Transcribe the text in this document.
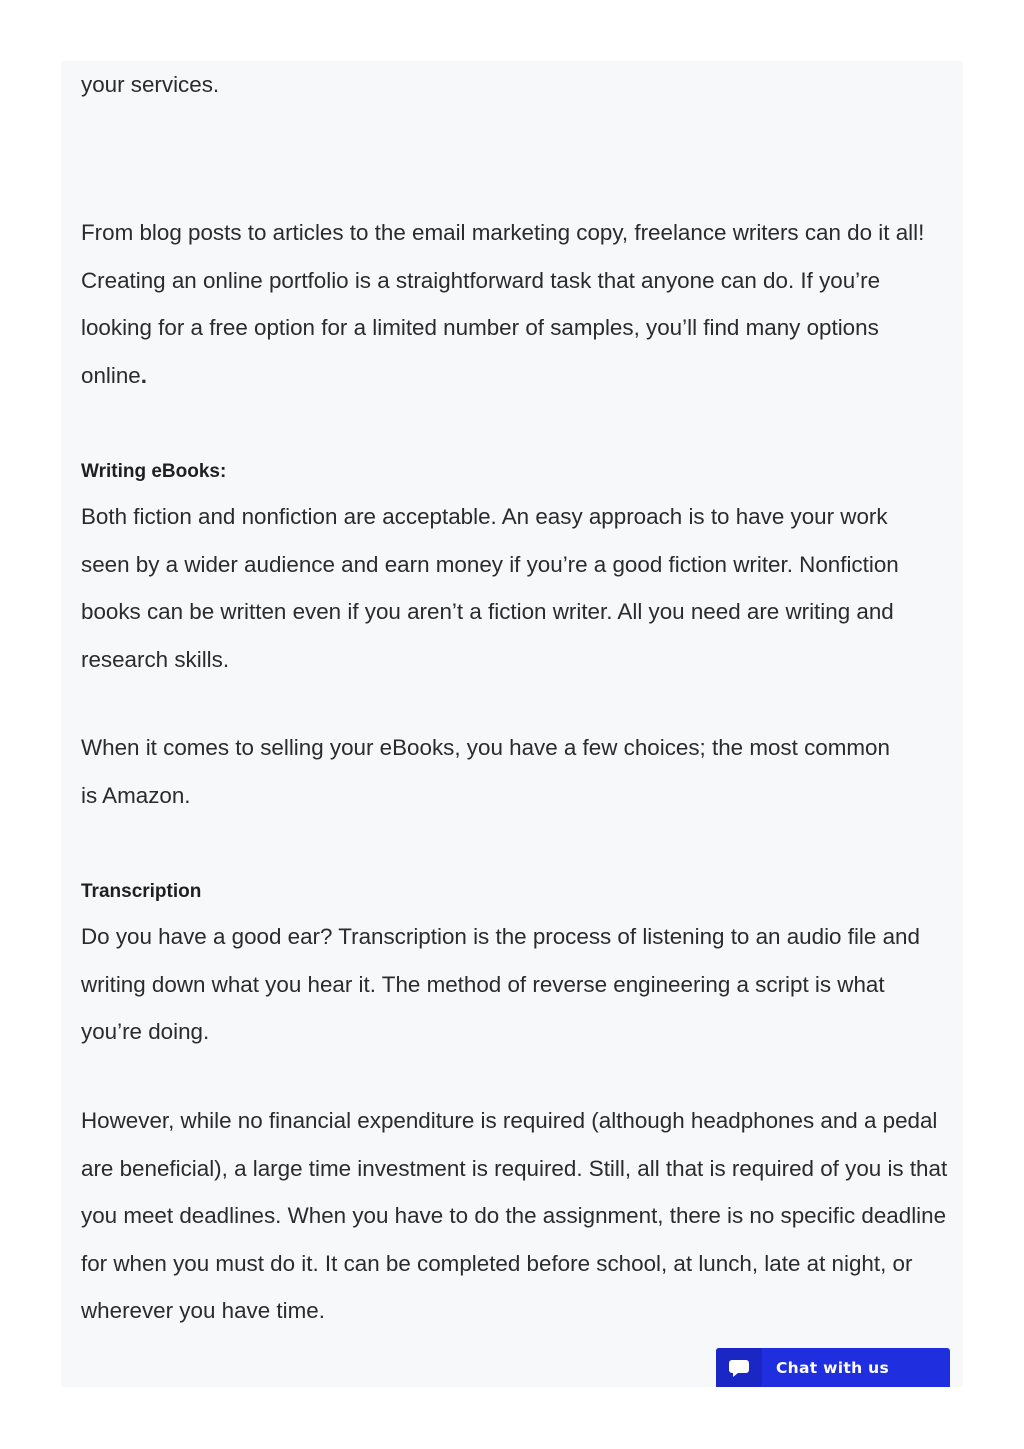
your services.

From blog posts to articles to the email marketing copy, freelance writers can do it all! Creating an online portfolio is a straightforward task that anyone can do. If you’re looking for a free option for a limited number of samples, you’ll find many options online.

Writing eBooks:

Both fiction and nonfiction are acceptable. An easy approach is to have your work seen by a wider audience and earn money if you’re a good fiction writer. Nonfiction books can be written even if you aren’t a fiction writer. All you need are writing and research skills.

When it comes to selling your eBooks, you have a few choices; the most common is Amazon.

Transcription

Do you have a good ear? Transcription is the process of listening to an audio file and writing down what you hear it. The method of reverse engineering a script is what you’re doing.

However, while no financial expenditure is required (although headphones and a pedal are beneficial), a large time investment is required. Still, all that is required of you is that you meet deadlines. When you have to do the assignment, there is no specific deadline for when you must do it. It can be completed before school, at lunch, late at night, or wherever you have time.

Chat with us
